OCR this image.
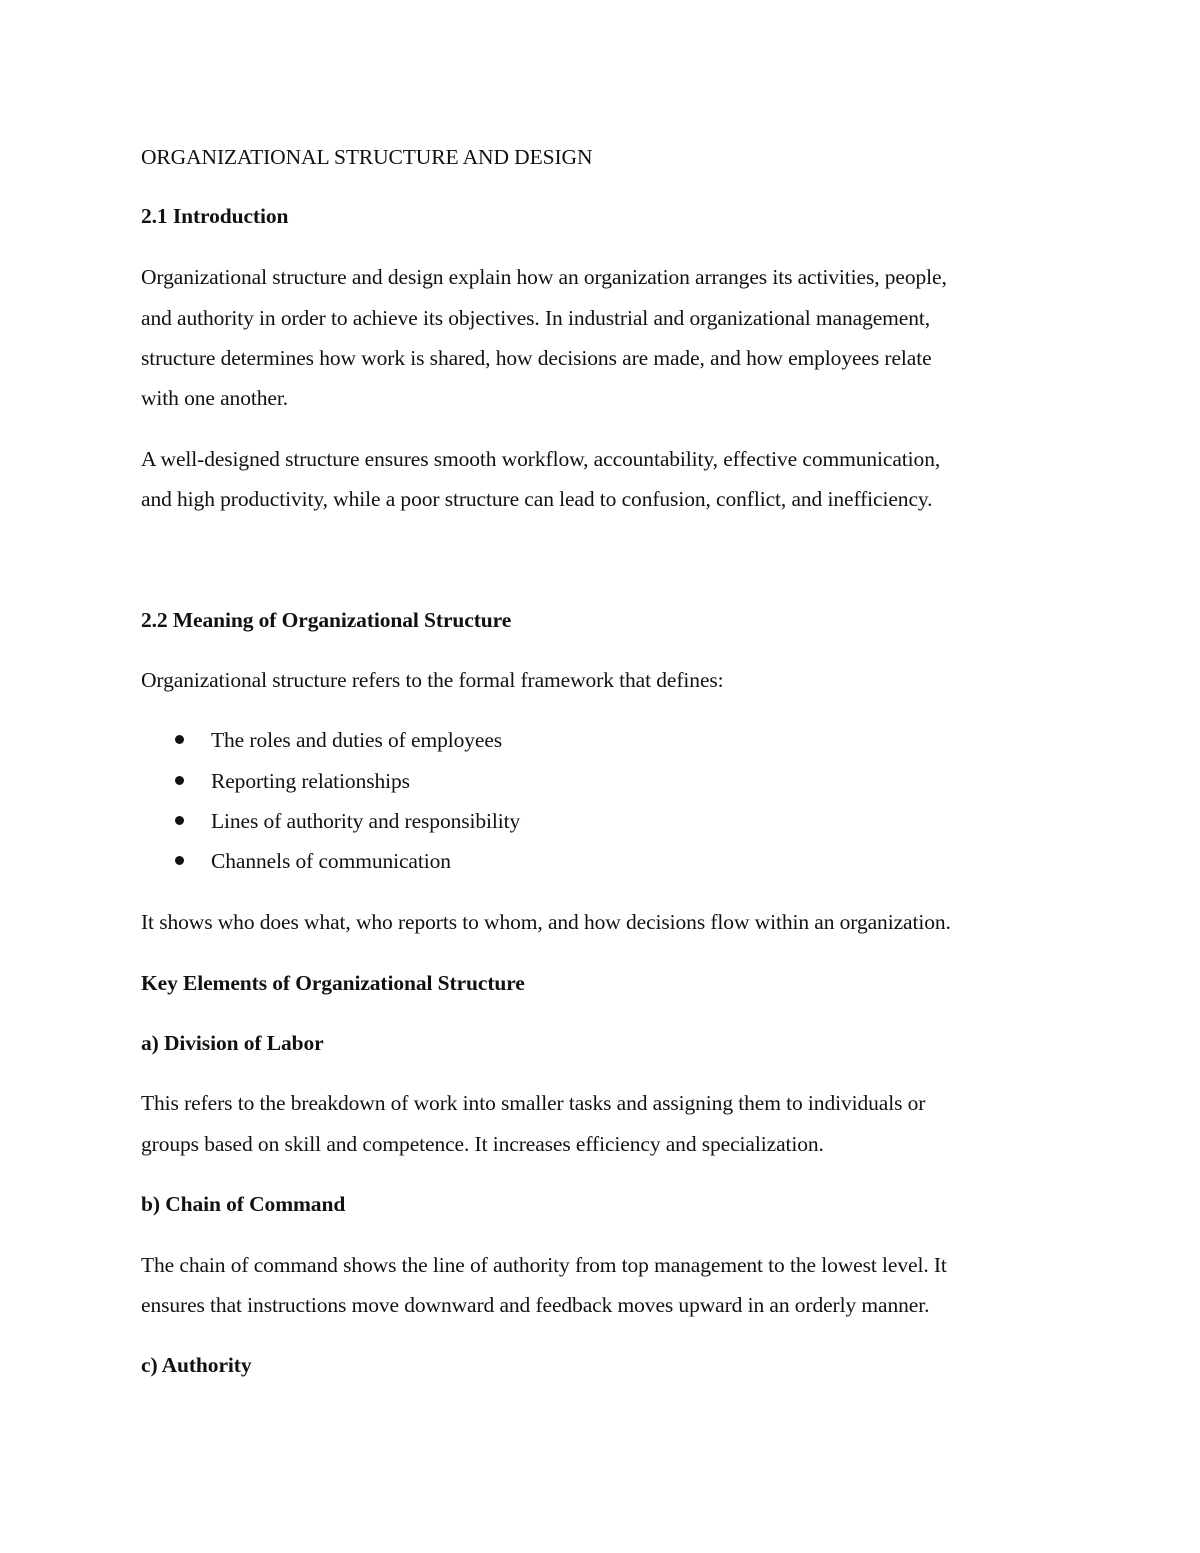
ORGANIZATIONAL STRUCTURE AND DESIGN
2.1 Introduction
Organizational structure and design explain how an organization arranges its activities, people,
and authority in order to achieve its objectives. In industrial and organizational management,
structure determines how work is shared, how decisions are made, and how employees relate
with one another.
A well-designed structure ensures smooth workflow, accountability, effective communication,
and high productivity, while a poor structure can lead to confusion, conflict, and inefficiency.
2.2 Meaning of Organizational Structure
Organizational structure refers to the formal framework that defines:
The roles and duties of employees
Reporting relationships
Lines of authority and responsibility
Channels of communication
It shows who does what, who reports to whom, and how decisions flow within an organization.
Key Elements of Organizational Structure
a) Division of Labor
This refers to the breakdown of work into smaller tasks and assigning them to individuals or
groups based on skill and competence. It increases efficiency and specialization.
b) Chain of Command
The chain of command shows the line of authority from top management to the lowest level. It
ensures that instructions move downward and feedback moves upward in an orderly manner.
c) Authority
